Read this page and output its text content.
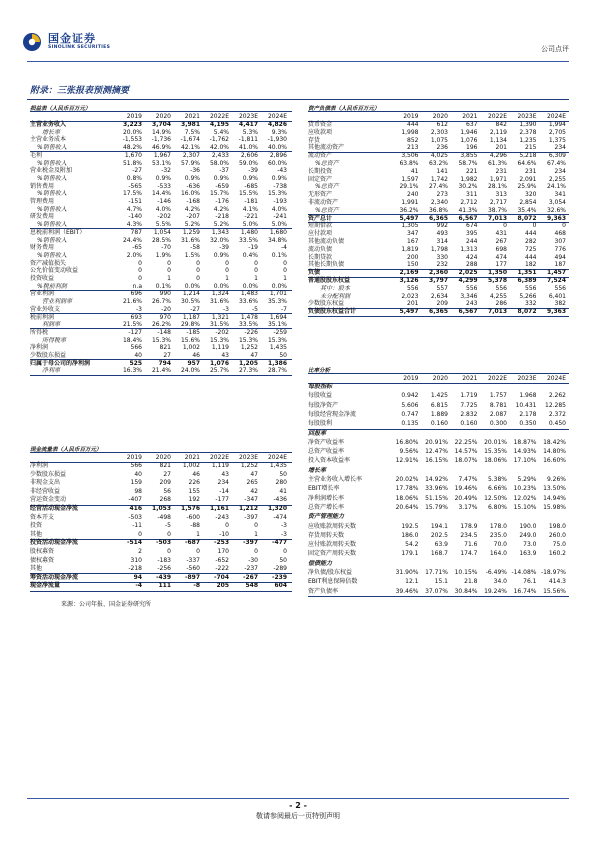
国金证券
SINOLINK SECURITIES	公司点评
附录：三张报表预测摘要
损益表（人民币百万元）
2019	2020	2021	2022E	2023E	2024E
主营业务收入	3,223	3,704	3,981	4,195	4,417	4,826
增长率	20.0%	14.9%	7.5%	5.4%	5.3%	9.3%
主营业务成本	-1,553	-1,736	-1,674	-1,762	-1,811	-1,930
%销售收入	48.2%	46.9%	42.1%	42.0%	41.0%	40.0%
毛利	1,670	1,967	2,307	2,433	2,606	2,896
%销售收入	51.8%	53.1%	57.9%	58.0%	59.0%	60.0%
营业税金及附加	-27	-32	-36	-37	-39	-43
%销售收入	0.8%	0.9%	0.9%	0.9%	0.9%	0.9%
销售费用	-565	-533	-636	-659	-685	-738
%销售收入	17.5%	14.4%	16.0%	15.7%	15.5%	15.3%
管理费用	-151	-146	-168	-176	-181	-193
%销售收入	4.7%	4.0%	4.2%	4.2%	4.1%	4.0%
研发费用	-140	-202	-207	-218	-221	-241
%销售收入	4.3%	5.5%	5.2%	5.2%	5.0%	5.0%
息税前利润（EBIT）	787	1,054	1,259	1,343	1,480	1,680
%销售收入	24.4%	28.5%	31.6%	32.0%	33.5%	34.8%
财务费用	-65	-70	-58	-39	-19	-4
%销售收入	2.0%	1.9%	1.5%	0.9%	0.4%	0.1%
资产减值损失	0	0	0	0	0	0
公允价值变动收益	0	0	0	0	0	0
投资收益	0	1	0	1	1	1
%税前利润	n.a	0.1%	0.0%	0.0%	0.0%	0.0%
营业利润	696	990	1,214	1,324	1,483	1,701
营业利润率	21.6%	26.7%	30.5%	31.6%	33.6%	35.3%
营业外收支	-3	-20	-27	-3	-5	-7
税前利润	693	970	1,187	1,321	1,478	1,694
利润率	21.5%	26.2%	29.8%	31.5%	33.5%	35.1%
所得税	-127	-148	-185	-202	-226	-259
所得税率	18.4%	15.3%	15.6%	15.3%	15.3%	15.3%
净利润	566	821	1,002	1,119	1,252	1,435
少数股东损益	40	27	46	43	47	50
归属于母公司的净利润	525	794	957	1,076	1,205	1,386
净利率	16.3%	21.4%	24.0%	25.7%	27.3%	28.7%
资产负债表（人民币百万元）
2019	2020	2021	2022E	2023E	2024E
货币资金	444	612	637	842	1,390	1,994
应收款项	1,998	2,303	1,946	2,119	2,378	2,705
存货	852	1,075	1,076	1,134	1,235	1,375
其他流动资产	213	236	196	201	215	234
流动资产	3,506	4,025	3,855	4,296	5,218	6,309
%总资产	63.8%	63.2%	58.7%	61.3%	64.6%	67.4%
长期投资	41	141	221	231	231	234
固定资产	1,597	1,742	1,982	1,971	2,091	2,255
%总资产	29.1%	27.4%	30.2%	28.1%	25.9%	24.1%
无形资产	240	273	311	313	320	341
非流动资产	1,991	2,340	2,712	2,717	2,854	3,054
%总资产	36.2%	36.8%	41.3%	38.7%	35.4%	32.6%
资产总计	5,497	6,365	6,567	7,013	8,072	9,363
短期借款	1,305	992	674	0	0	0
应付款项	347	493	395	431	444	468
其他流动负债	167	314	244	267	282	307
流动负债	1,819	1,798	1,313	698	725	776
长期贷款	200	330	424	474	444	494
其他长期负债	150	232	288	177	182	187
负债	2,169	2,360	2,025	1,350	1,351	1,457
普通股股东权益	3,126	3,797	4,299	5,378	6,389	7,524
其中：股本	556	557	556	556	556	556
未分配利润	2,023	2,634	3,346	4,255	5,266	6,401
少数股东权益	201	209	243	286	332	382
负债股东权益合计	5,497	6,365	6,567	7,013	8,072	9,363
比率分析
2019	2020	2021	2022E	2023E	2024E
每股指标
每股收益	0.942	1.425	1.719	1.757	1.968	2.262
每股净资产	5.606	6.815	7.725	8.781	10.431	12.285
每股经营现金净流	0.747	1.889	2.832	2.087	2.178	2.372
每股股利	0.135	0.160	0.160	0.300	0.350	0.450
回报率
净资产收益率	16.80%	20.91%	22.25%	20.01%	18.87%	18.42%
总资产收益率	9.56%	12.47%	14.57%	15.35%	14.93%	14.80%
投入资本收益率	12.91%	16.15%	18.07%	18.06%	17.10%	16.60%
增长率
主营业务收入增长率	20.02%	14.92%	7.47%	5.38%	5.29%	9.26%
EBIT增长率	17.78%	33.96%	19.46%	6.66%	10.23%	13.50%
净利润增长率	18.06%	51.15%	20.49%	12.50%	12.02%	14.94%
总资产增长率	20.64%	15.79%	3.17%	6.80%	15.10%	15.98%
资产管理能力
应收账款周转天数	192.5	194.1	178.9	178.0	190.0	198.0
存货周转天数	186.0	202.5	234.5	235.0	249.0	260.0
应付账款周转天数	54.2	63.9	71.6	70.0	73.0	75.0
固定资产周转天数	179.1	168.7	174.7	164.0	163.9	160.2
偿债能力
净负债/股东权益	31.90%	17.71%	10.15%	-6.49% -14.08% -18.97%
EBIT利息保障倍数	12.1	15.1	21.8	34.0	76.1	414.3
资产负债率	39.46%	37.07%	30.84%	19.24%	16.74%	15.56%
现金流量表（人民币百万元）
2019	2020	2021	2022E	2023E	2024E
净利润	566	821	1,002	1,119	1,252	1,435
少数股东损益	40	27	46	43	47	50
非现金支出	159	209	226	234	265	280
非经营收益	98	56	155	-14	42	41
营运资金变动	-407	268	192	-177	-347	-436
经营活动现金净流	416	1,053	1,576	1,161	1,212	1,320
资本开支	-503	-498	-600	-243	-397	-474
投资	-11	-5	-88	0	0	-3
其他	0	0	1	-10	1	-3
投资活动现金净流	-514	-503	-687	-253	-397	-477
股权募资	2	0	0	170	0	0
债权募资	310	-183	-337	-652	-30	50
其他	-218	-256	-560	-222	-237	-289
筹资活动现金净流	94	-439	-897	-704	-267	-239
现金净流量	-4	111	-8	205	548	604
来源：公司年报、国金证券研究所
- 2 -
敬请参阅最后一页特别声明
